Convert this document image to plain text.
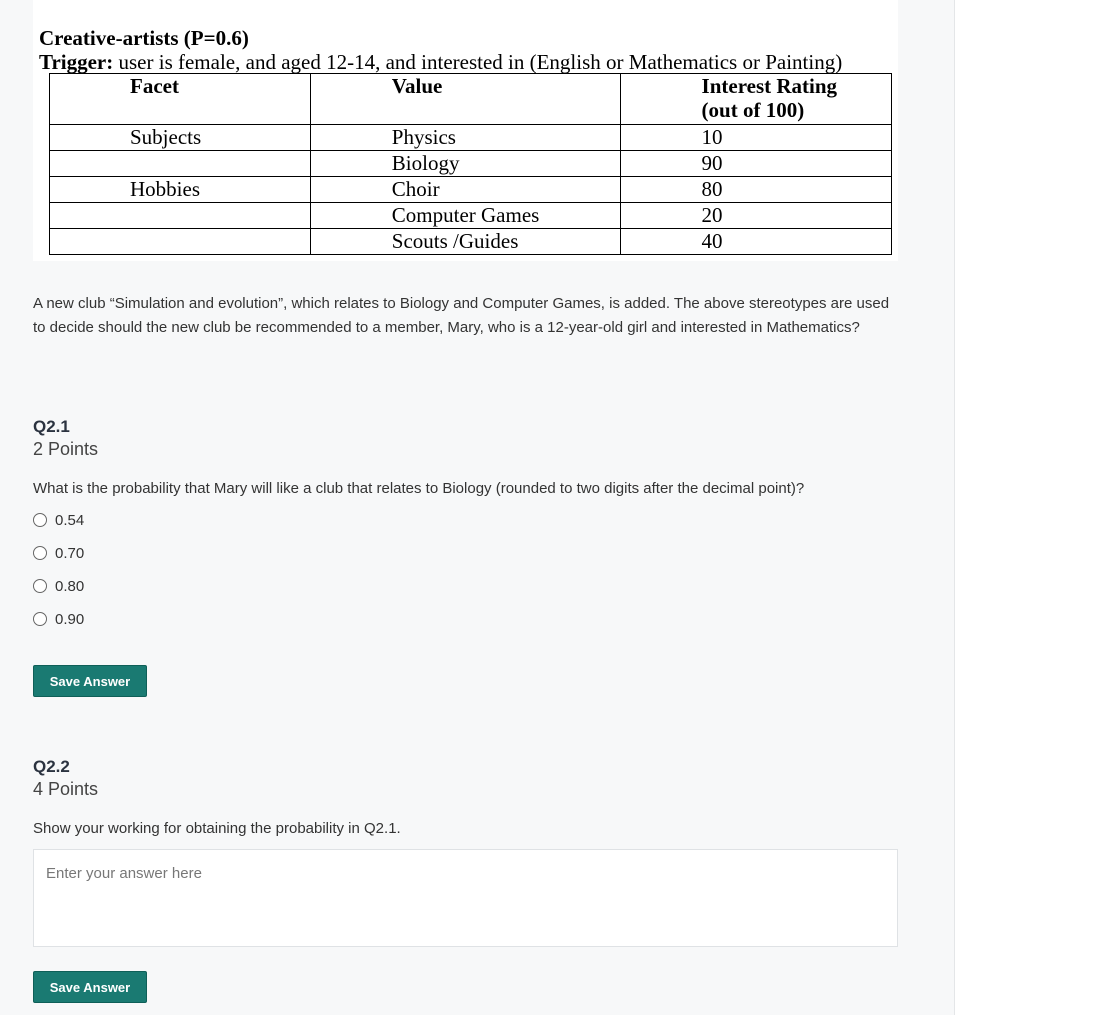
Creative-artists (P=0.6)
Trigger: user is female, and aged 12-14, and interested in (English or Mathematics or Painting)
Facet	Value	Interest Rating
(out of 100)
Subjects	Physics	10
	Biology	90
Hobbies	Choir	80
	Computer Games	20
	Scouts /Guides	40
A new club “Simulation and evolution”, which relates to Biology and Computer Games, is added. The above stereotypes are used to decide should the new club be recommended to a member, Mary, who is a 12-year-old girl and interested in Mathematics?
Q2.1
2 Points
What is the probability that Mary will like a club that relates to Biology (rounded to two digits after the decimal point)?
0.54
0.70
0.80
0.90
Save Answer
Q2.2
4 Points
Show your working for obtaining the probability in Q2.1.
Enter your answer here
Save Answer
